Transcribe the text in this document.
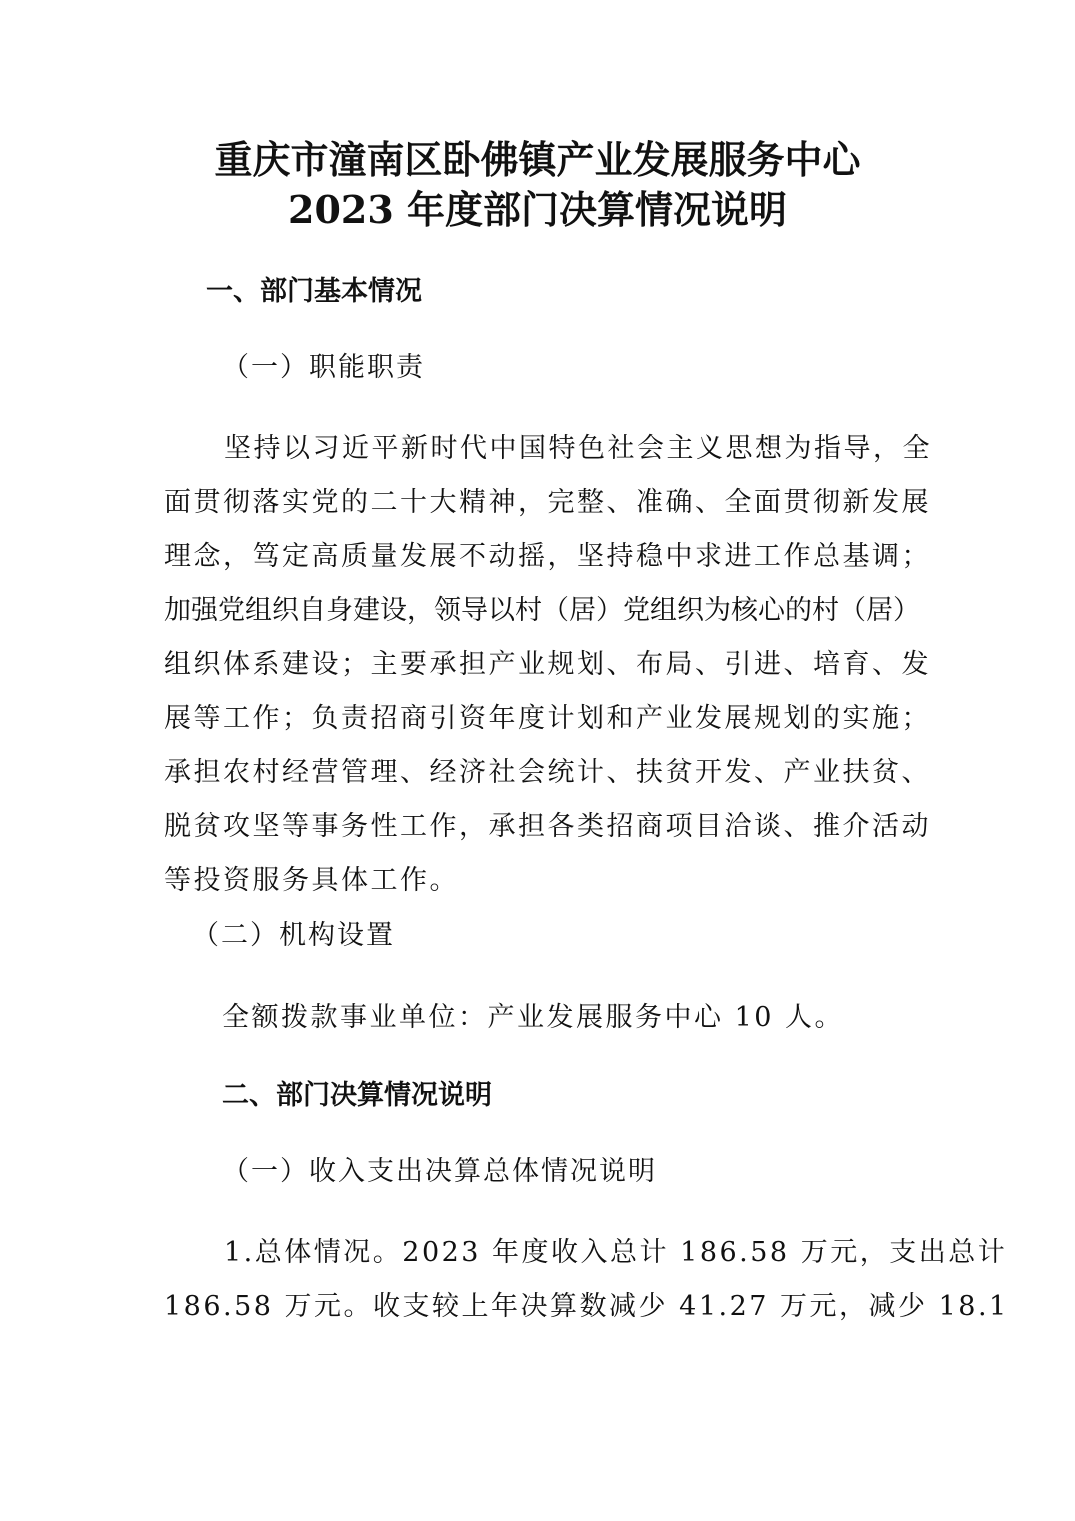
重庆市潼南区卧佛镇产业发展服务中心
2023 年度部门决算情况说明
一、部门基本情况
（一）职能职责
坚持以习近平新时代中国特色社会主义思想为指导，全
面贯彻落实党的二十大精神，完整、准确、全面贯彻新发展
理念，笃定高质量发展不动摇，坚持稳中求进工作总基调；
加强党组织自身建设，领导以村（居）党组织为核心的村（居）
组织体系建设；主要承担产业规划、布局、引进、培育、发
展等工作；负责招商引资年度计划和产业发展规划的实施；
承担农村经营管理、经济社会统计、扶贫开发、产业扶贫、
脱贫攻坚等事务性工作，承担各类招商项目洽谈、推介活动
等投资服务具体工作。
（二）机构设置
全额拨款事业单位：产业发展服务中心 10 人。
二、部门决算情况说明
（一）收入支出决算总体情况说明
1.总体情况。2023 年度收入总计 186.58 万元，支出总计
186.58 万元。收支较上年决算数减少 41.27 万元，减少 18.1
